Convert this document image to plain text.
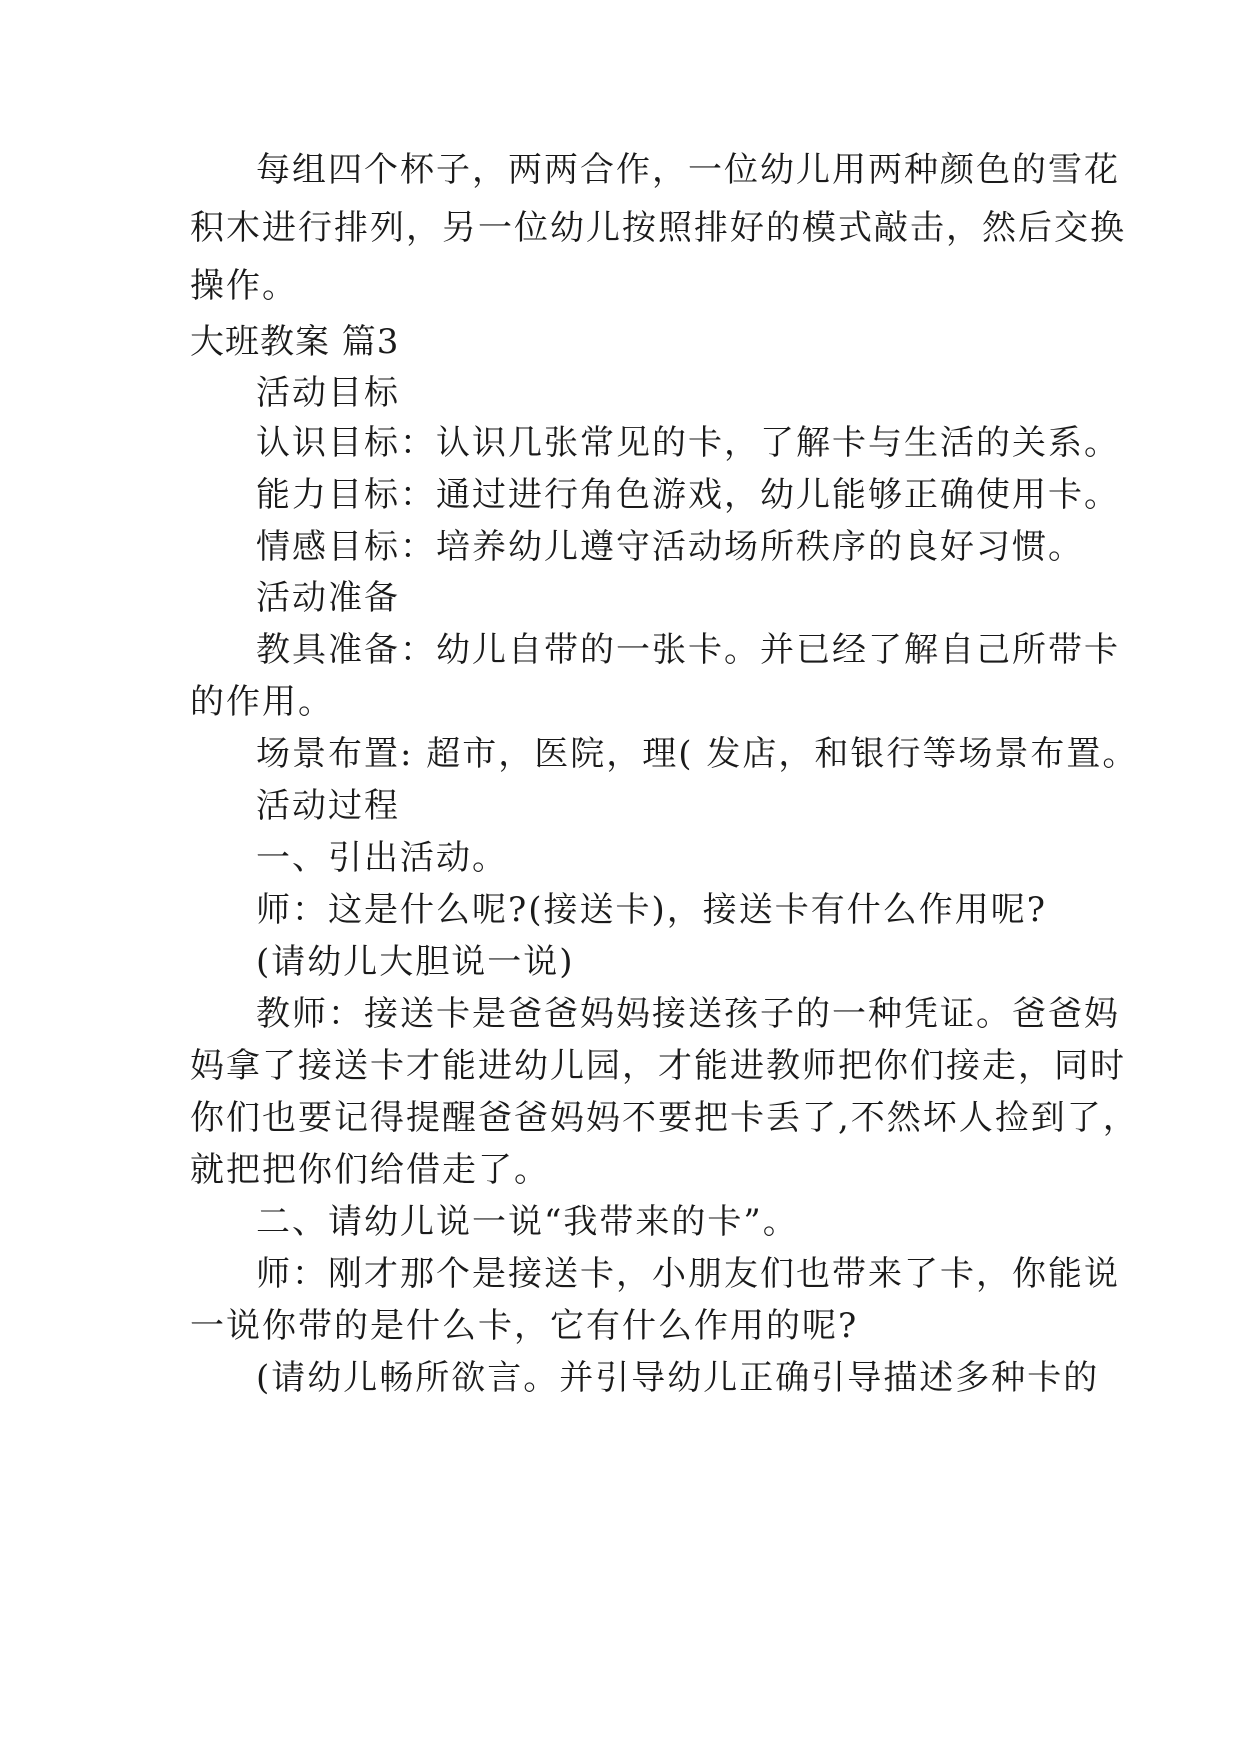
每组四个杯子，两两合作，一位幼儿用两种颜色的雪花
积木进行排列，另一位幼儿按照排好的模式敲击，然后交换
操作。
大班教案 篇3
活动目标
认识目标：认识几张常见的卡，了解卡与生活的关系。
能力目标：通过进行角色游戏，幼儿能够正确使用卡。
情感目标：培养幼儿遵守活动场所秩序的良好习惯。
活动准备
教具准备：幼儿自带的一张卡。并已经了解自己所带卡
的作用。
场景布置: 超市，医院，理( 发店，和银行等场景布置。
活动过程
一、引出活动。
师：这是什么呢?(接送卡)，接送卡有什么作用呢?
(请幼儿大胆说一说)
教师：接送卡是爸爸妈妈接送孩子的一种凭证。爸爸妈
妈拿了接送卡才能进幼儿园，才能进教师把你们接走，同时
你们也要记得提醒爸爸妈妈不要把卡丢了,不然坏人捡到了，
就把把你们给借走了。
二、请幼儿说一说“我带来的卡”。
师：刚才那个是接送卡，小朋友们也带来了卡，你能说
一说你带的是什么卡，它有什么作用的呢?
(请幼儿畅所欲言。并引导幼儿正确引导描述多种卡的
